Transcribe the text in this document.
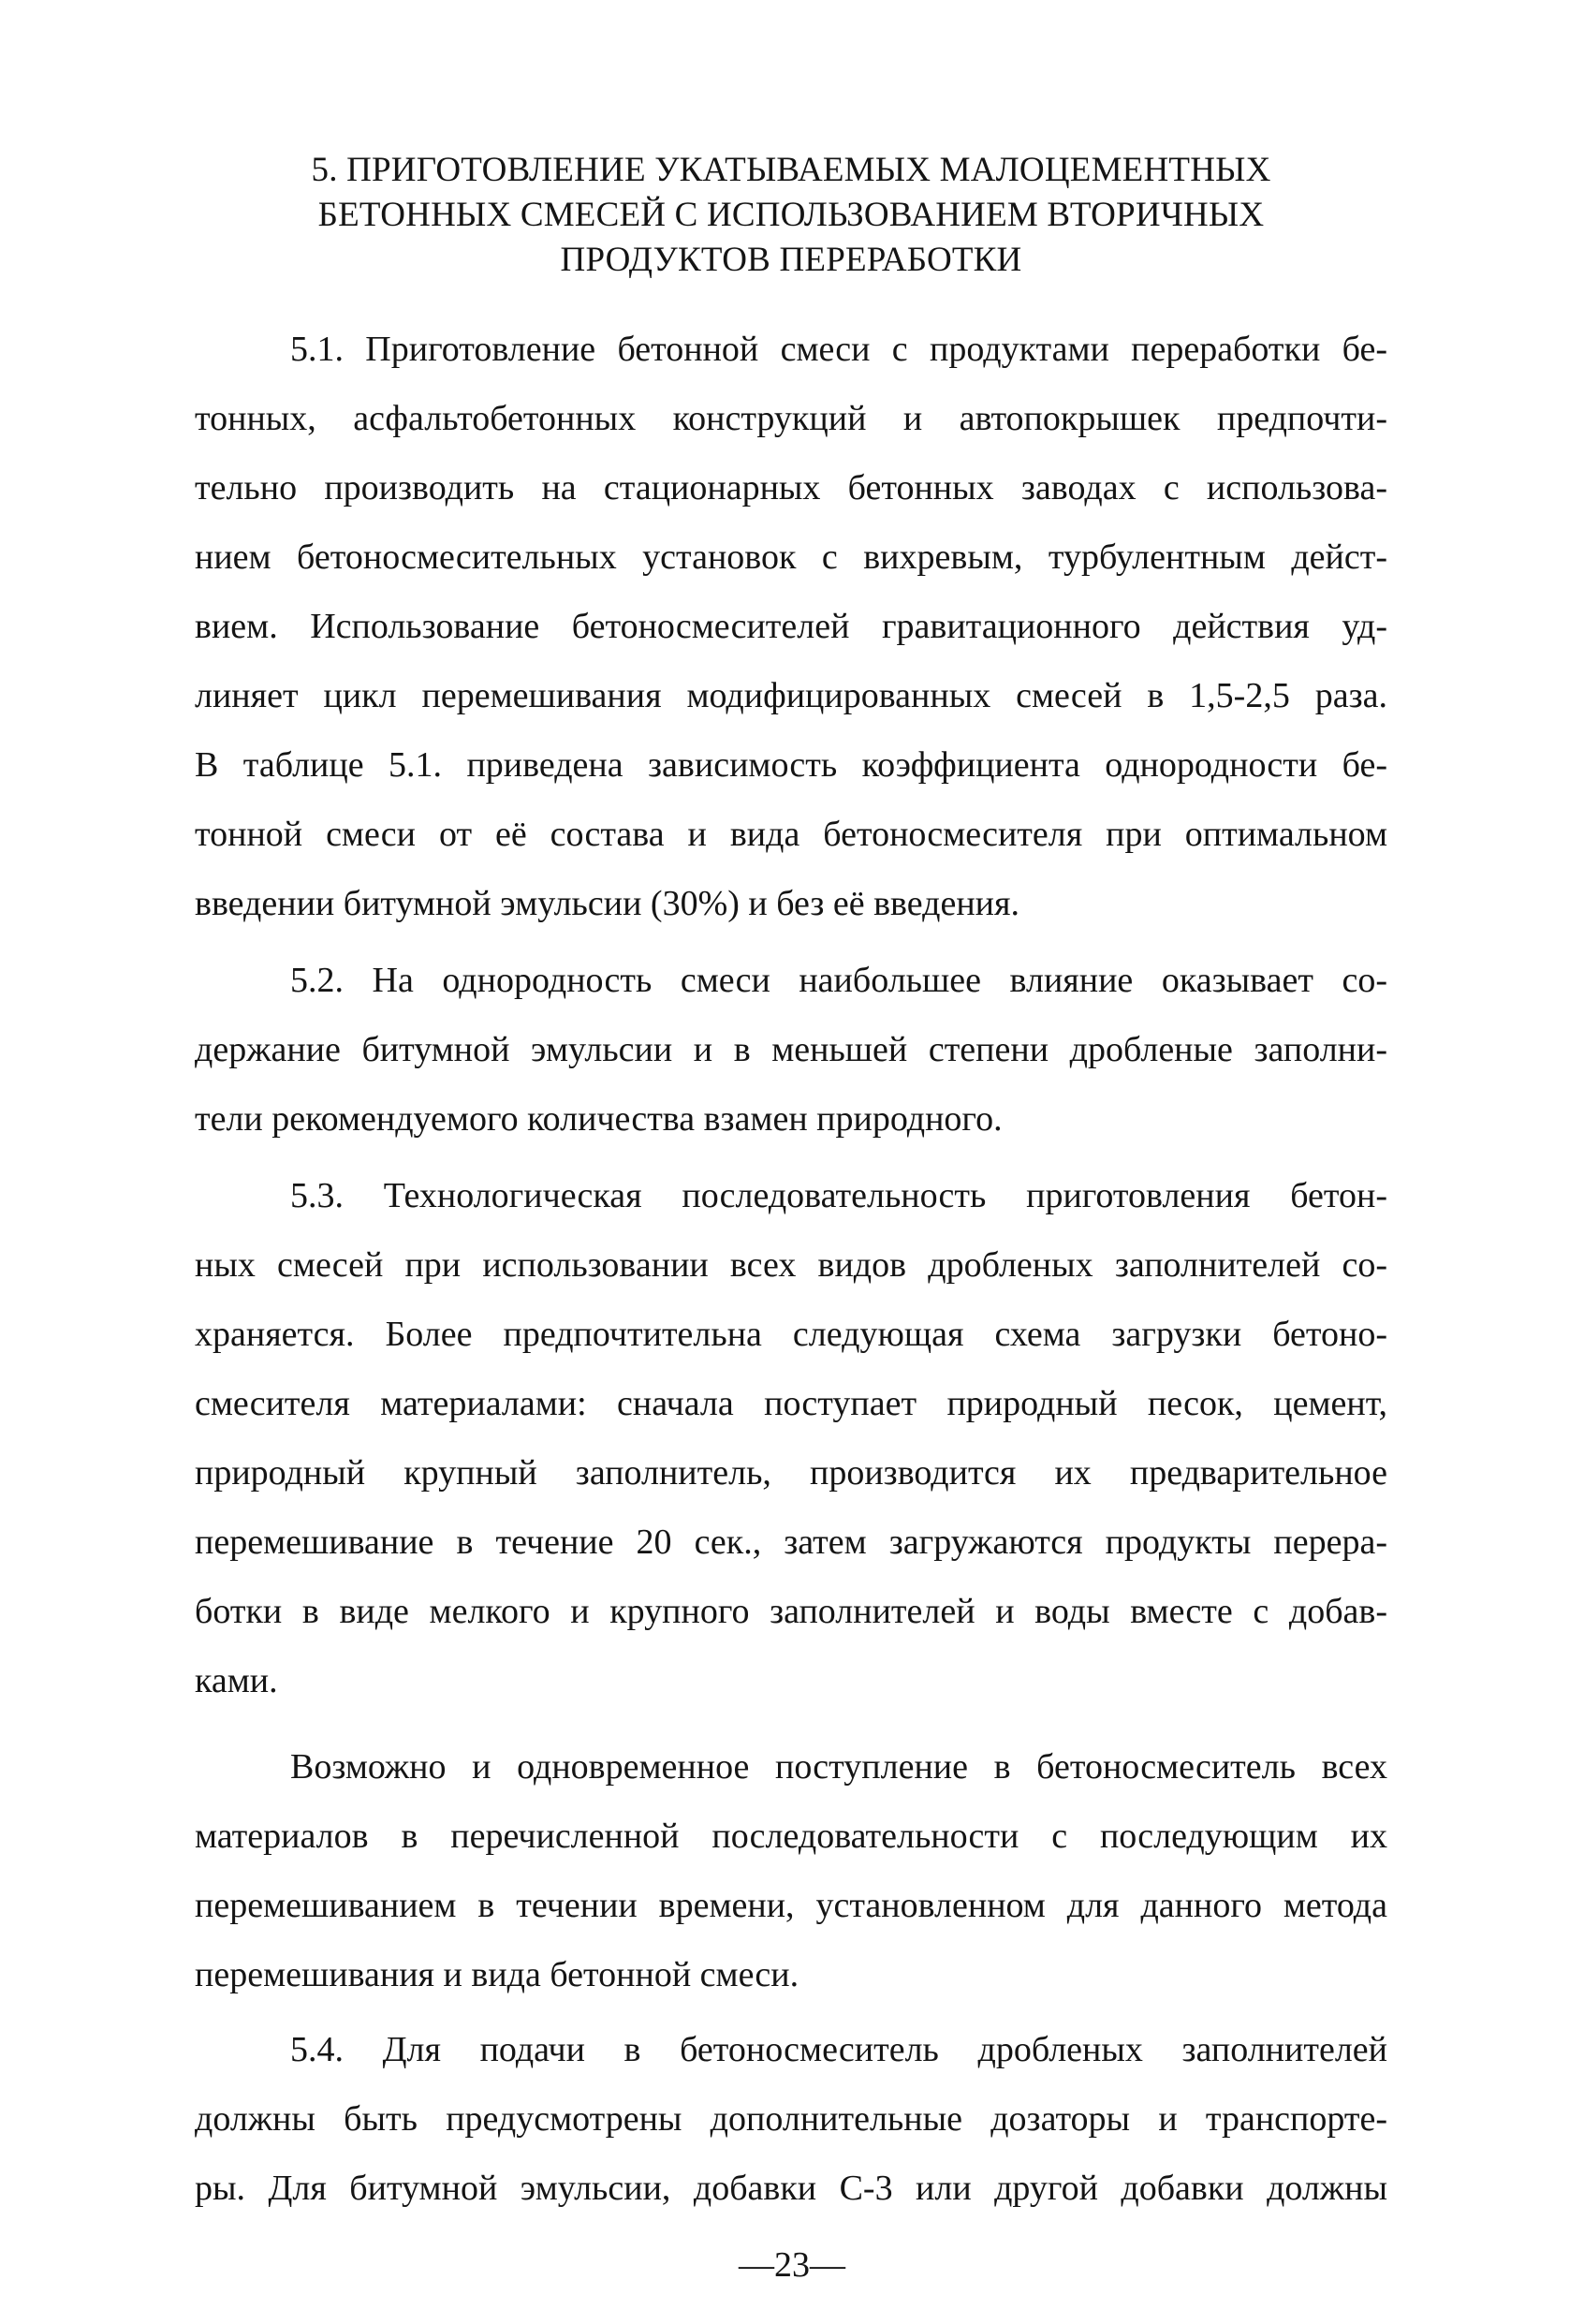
5. ПРИГОТОВЛЕНИЕ УКАТЫВАЕМЫХ МАЛОЦЕМЕНТНЫХ
БЕТОННЫХ СМЕСЕЙ С ИСПОЛЬЗОВАНИЕМ ВТОРИЧНЫХ
ПРОДУКТОВ ПЕРЕРАБОТКИ
5.1. Приготовление бетонной смеси с продуктами переработки бе-
тонных, асфальтобетонных конструкций и автопокрышек предпочти-
тельно производить на стационарных бетонных заводах с использова-
нием бетоносмесительных установок с вихревым, турбулентным дейст-
вием. Использование бетоносмесителей гравитационного действия уд-
линяет цикл перемешивания модифицированных смесей в 1,5-2,5 раза.
В таблице 5.1. приведена зависимость коэффициента однородности бе-
тонной смеси от её состава и вида бетоносмесителя при оптимальном
введении битумной эмульсии (30%) и без её введения.
5.2. На однородность смеси наибольшее влияние оказывает со-
держание битумной эмульсии и в меньшей степени дробленые заполни-
тели рекомендуемого количества взамен природного.
5.3. Технологическая последовательность приготовления бетон-
ных смесей при использовании всех видов дробленых заполнителей со-
храняется. Более предпочтительна следующая схема загрузки бетоно-
смесителя материалами: сначала поступает природный песок, цемент,
природный крупный заполнитель, производится их предварительное
перемешивание в течение 20 сек., затем загружаются продукты перера-
ботки в виде мелкого и крупного заполнителей и воды вместе с добав-
ками.
Возможно и одновременное поступление в бетоносмеситель всех
материалов в перечисленной последовательности с последующим их
перемешиванием в течении времени, установленном для данного метода
перемешивания и вида бетонной смеси.
5.4. Для подачи в бетоносмеситель дробленых заполнителей
должны быть предусмотрены дополнительные дозаторы и транспорте-
ры. Для битумной эмульсии, добавки С-3 или другой добавки должны
—23—
